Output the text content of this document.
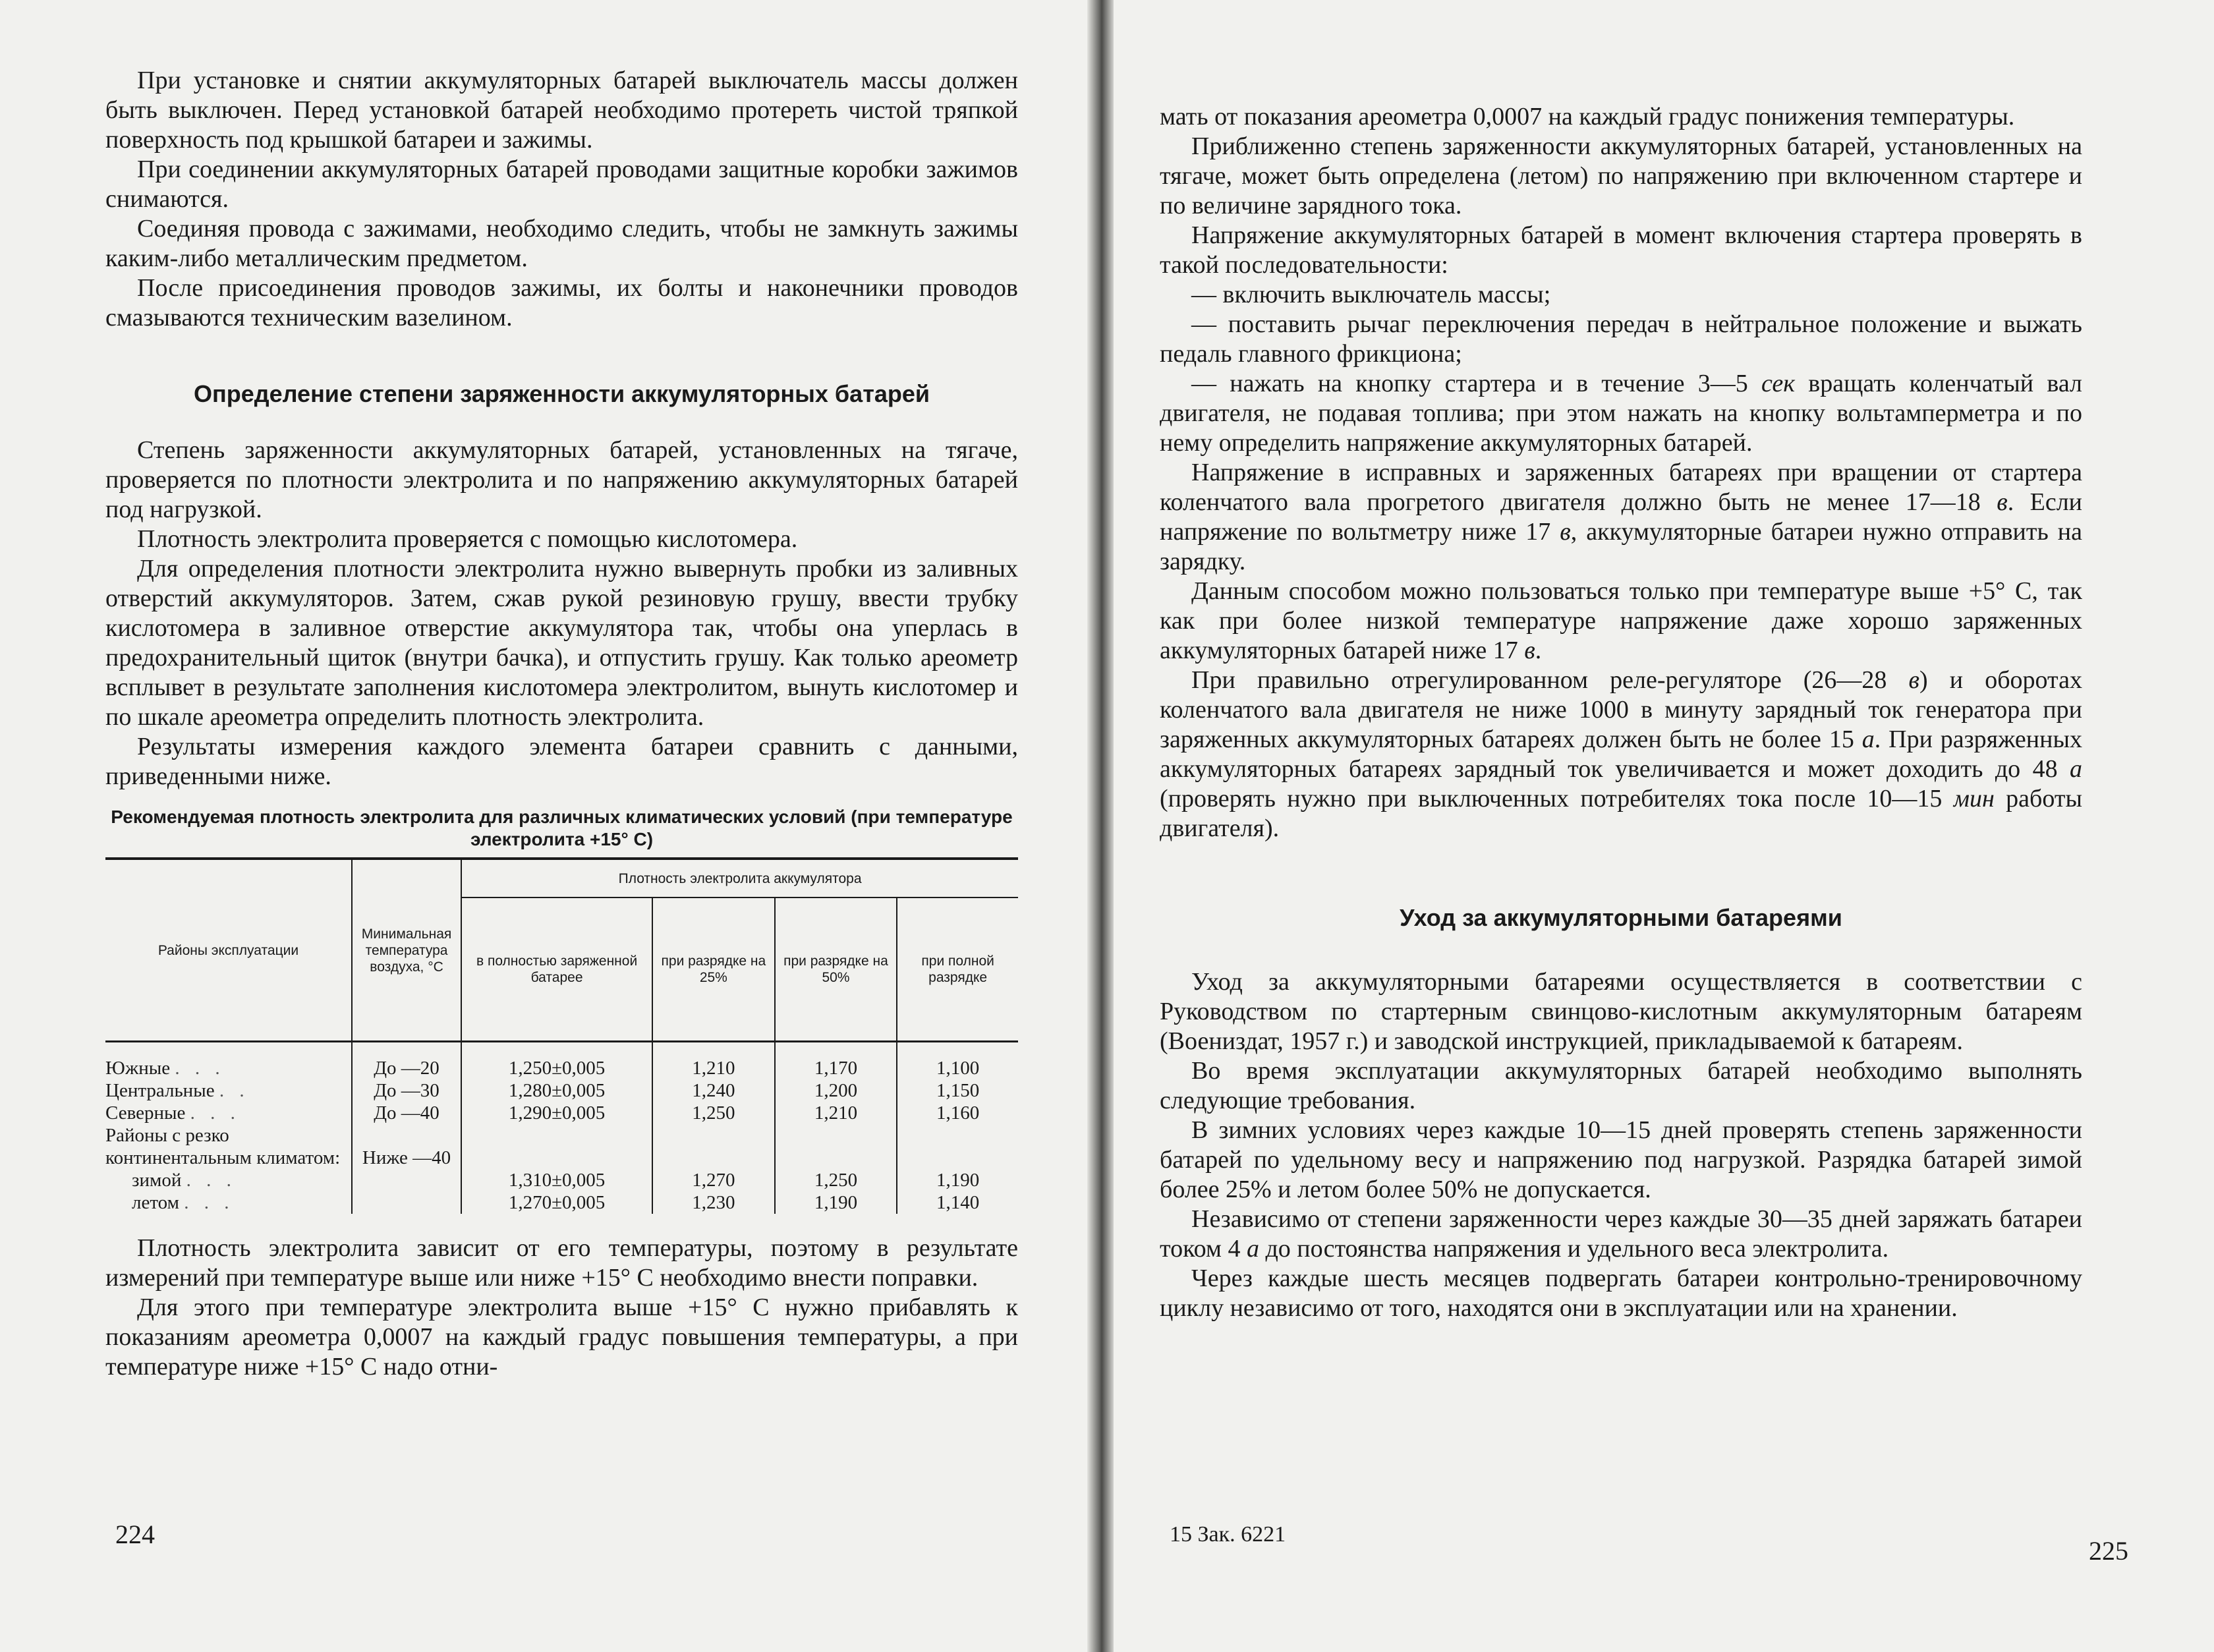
При установке и снятии аккумуляторных батарей выключатель массы должен быть выключен. Перед установкой батарей необходимо протереть чистой тряпкой поверхность под крышкой батареи и зажимы.

При соединении аккумуляторных батарей проводами защитные коробки зажимов снимаются.

Соединяя провода с зажимами, необходимо следить, чтобы не замкнуть зажимы каким-либо металлическим предметом.

После присоединения проводов зажимы, их болты и наконечники проводов смазываются техническим вазелином.

Определение степени заряженности аккумуляторных батарей

Степень заряженности аккумуляторных батарей, установленных на тягаче, проверяется по плотности электролита и по напряжению аккумуляторных батарей под нагрузкой.

Плотность электролита проверяется с помощью кислотомера.

Для определения плотности электролита нужно вывернуть пробки из заливных отверстий аккумуляторов. Затем, сжав рукой резиновую грушу, ввести трубку кислотомера в заливное отверстие аккумулятора так, чтобы она уперлась в предохранительный щиток (внутри бачка), и отпустить грушу. Как только ареометр всплывет в результате заполнения кислотомера электролитом, вынуть кислотомер и по шкале ареометра определить плотность электролита.

Результаты измерения каждого элемента батареи сравнить с данными, приведенными ниже.

Рекомендуемая плотность электролита для различных климатических условий (при температуре электролита +15° С)
Районы эксплуатации	Минимальная температура воздуха, °С	Плотность электролита аккумулятора			
		в полностью заряженной батарее	при разрядке на 25%	при разрядке на 50%	при полной разрядке

Южные . . .	До —20	1,250±0,005	1,210	1,170	1,100
Центральные . .	До —30	1,280±0,005	1,240	1,200	1,150
Северные . . .	До —40	1,290±0,005	1,250	1,210	1,160
Районы с резко континентальным климатом:	Ниже —40				
зимой . . .		1,310±0,005	1,270	1,250	1,190
летом . . .		1,270±0,005	1,230	1,190	1,140

Плотность электролита зависит от его температуры, поэтому в результате измерений при температуре выше или ниже +15° С необходимо внести поправки.

Для этого при температуре электролита выше +15° С нужно прибавлять к показаниям ареометра 0,0007 на каждый градус повышения температуры, а при температуре ниже +15° С надо отни-

224

мать от показания ареометра 0,0007 на каждый градус понижения температуры.

Приближенно степень заряженности аккумуляторных батарей, установленных на тягаче, может быть определена (летом) по напряжению при включенном стартере и по величине зарядного тока.

Напряжение аккумуляторных батарей в момент включения стартера проверять в такой последовательности:

— включить выключатель массы;

— поставить рычаг переключения передач в нейтральное положение и выжать педаль главного фрикциона;

— нажать на кнопку стартера и в течение 3—5 сек вращать коленчатый вал двигателя, не подавая топлива; при этом нажать на кнопку вольтамперметра и по нему определить напряжение аккумуляторных батарей.

Напряжение в исправных и заряженных батареях при вращении от стартера коленчатого вала прогретого двигателя должно быть не менее 17—18 в. Если напряжение по вольтметру ниже 17 в, аккумуляторные батареи нужно отправить на зарядку.

Данным способом можно пользоваться только при температуре выше +5° С, так как при более низкой температуре напряжение даже хорошо заряженных аккумуляторных батарей ниже 17 в.

При правильно отрегулированном реле-регуляторе (26—28 в) и оборотах коленчатого вала двигателя не ниже 1000 в минуту зарядный ток генератора при заряженных аккумуляторных батареях должен быть не более 15 а. При разряженных аккумуляторных батареях зарядный ток увеличивается и может доходить до 48 а (проверять нужно при выключенных потребителях тока после 10—15 мин работы двигателя).

Уход за аккумуляторными батареями

Уход за аккумуляторными батареями осуществляется в соответствии с Руководством по стартерным свинцово-кислотным аккумуляторным батареям (Воениздат, 1957 г.) и заводской инструкцией, прикладываемой к батареям.

Во время эксплуатации аккумуляторных батарей необходимо выполнять следующие требования.

В зимних условиях через каждые 10—15 дней проверять степень заряженности батарей по удельному весу и напряжению под нагрузкой. Разрядка батарей зимой более 25% и летом более 50% не допускается.

Независимо от степени заряженности через каждые 30—35 дней заряжать батареи током 4 а до постоянства напряжения и удельного веса электролита.

Через каждые шесть месяцев подвергать батареи контрольно-тренировочному циклу независимо от того, находятся они в эксплуатации или на хранении.

15 Зак. 6221
225
